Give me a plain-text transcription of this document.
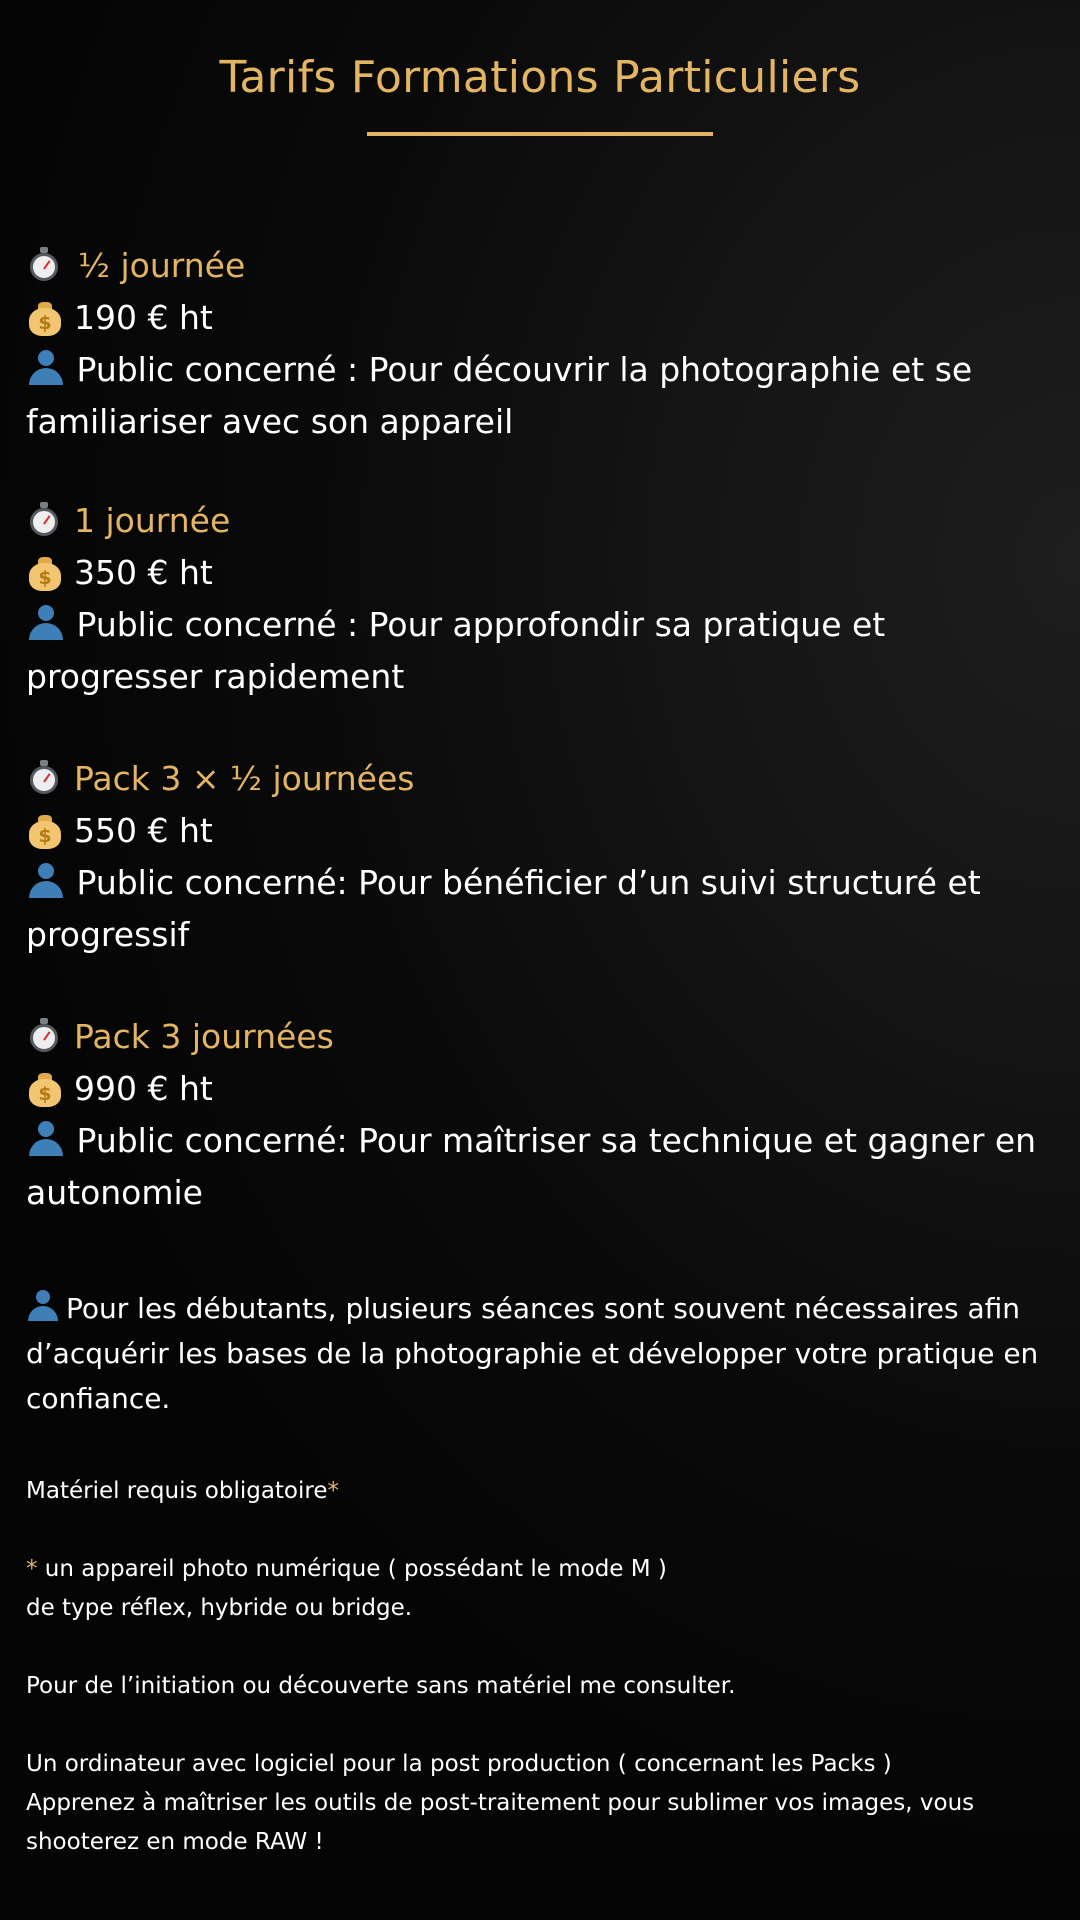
Tarifs Formations Particuliers
½ journée
$ 190 € ht
Public concerné : Pour découvrir la photographie et se familiariser avec son appareil
1 journée
$ 350 € ht
Public concerné : Pour approfondir sa pratique et progresser rapidement
Pack 3 × ½ journées
$ 550 € ht
Public concerné: Pour bénéficier d’un suivi structuré et progressif
Pack 3 journées
$ 990 € ht
Public concerné: Pour maîtriser sa technique et gagner en autonomie
Pour les débutants, plusieurs séances sont souvent nécessaires afin d’acquérir les bases de la photographie et développer votre pratique en confiance.
Matériel requis obligatoire*
* un appareil photo numérique ( possédant le mode M )
de type réflex, hybride ou bridge.
Pour de l’initiation ou découverte sans matériel me consulter.
Un ordinateur avec logiciel pour la post production ( concernant les Packs )
Apprenez à maîtriser les outils de post-traitement pour sublimer vos images, vous shooterez en mode RAW !
